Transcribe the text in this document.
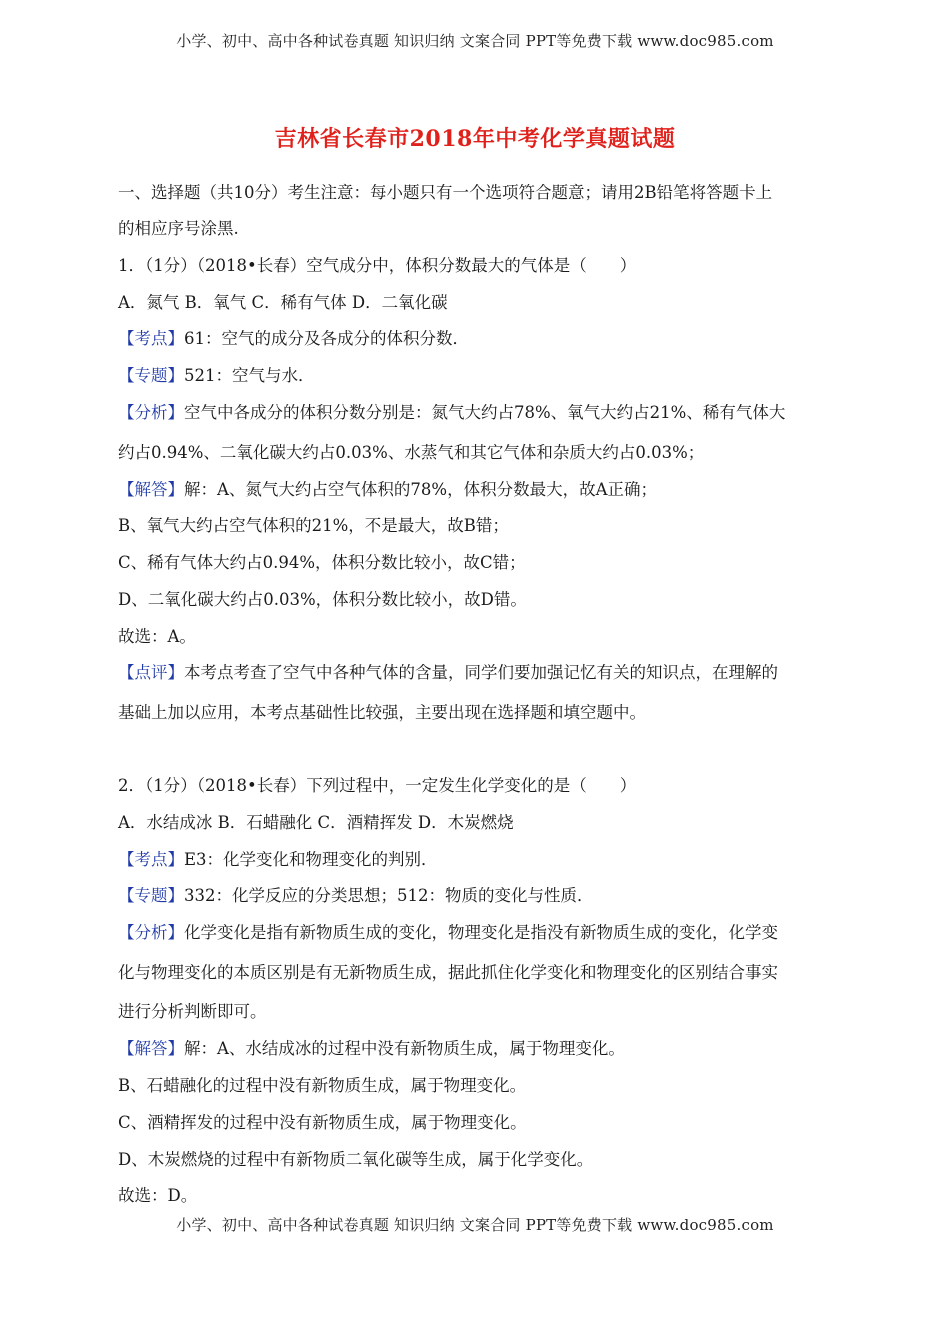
小学、初中、高中各种试卷真题 知识归纳 文案合同 PPT等免费下载 www.doc985.com
吉林省长春市2018年中考化学真题试题
一、选择题（共10分）考生注意：每小题只有一个选项符合题意；请用2B铅笔将答题卡上
的相应序号涂黑.
1．（1分）（2018•长春）空气成分中，体积分数最大的气体是（　　）
A．氮气 B．氧气 C．稀有气体 D．二氧化碳
【考点】61：空气的成分及各成分的体积分数．
【专题】521：空气与水．
【分析】空气中各成分的体积分数分别是：氮气大约占78%、氧气大约占21%、稀有气体大
约占0.94%、二氧化碳大约占0.03%、水蒸气和其它气体和杂质大约占0.03%；
【解答】解：A、氮气大约占空气体积的78%，体积分数最大，故A正确；
B、氧气大约占空气体积的21%，不是最大，故B错；
C、稀有气体大约占0.94%，体积分数比较小，故C错；
D、二氧化碳大约占0.03%，体积分数比较小，故D错。
故选：A。
【点评】本考点考查了空气中各种气体的含量，同学们要加强记忆有关的知识点，在理解的
基础上加以应用，本考点基础性比较强，主要出现在选择题和填空题中。
2．（1分）（2018•长春）下列过程中，一定发生化学变化的是（　　）
A．水结成冰 B．石蜡融化 C．酒精挥发 D．木炭燃烧
【考点】E3：化学变化和物理变化的判别．
【专题】332：化学反应的分类思想；512：物质的变化与性质．
【分析】化学变化是指有新物质生成的变化，物理变化是指没有新物质生成的变化，化学变
化与物理变化的本质区别是有无新物质生成，据此抓住化学变化和物理变化的区别结合事实
进行分析判断即可。
【解答】解：A、水结成冰的过程中没有新物质生成，属于物理变化。
B、石蜡融化的过程中没有新物质生成，属于物理变化。
C、酒精挥发的过程中没有新物质生成，属于物理变化。
D、木炭燃烧的过程中有新物质二氧化碳等生成，属于化学变化。
故选：D。
小学、初中、高中各种试卷真题 知识归纳 文案合同 PPT等免费下载 www.doc985.com
